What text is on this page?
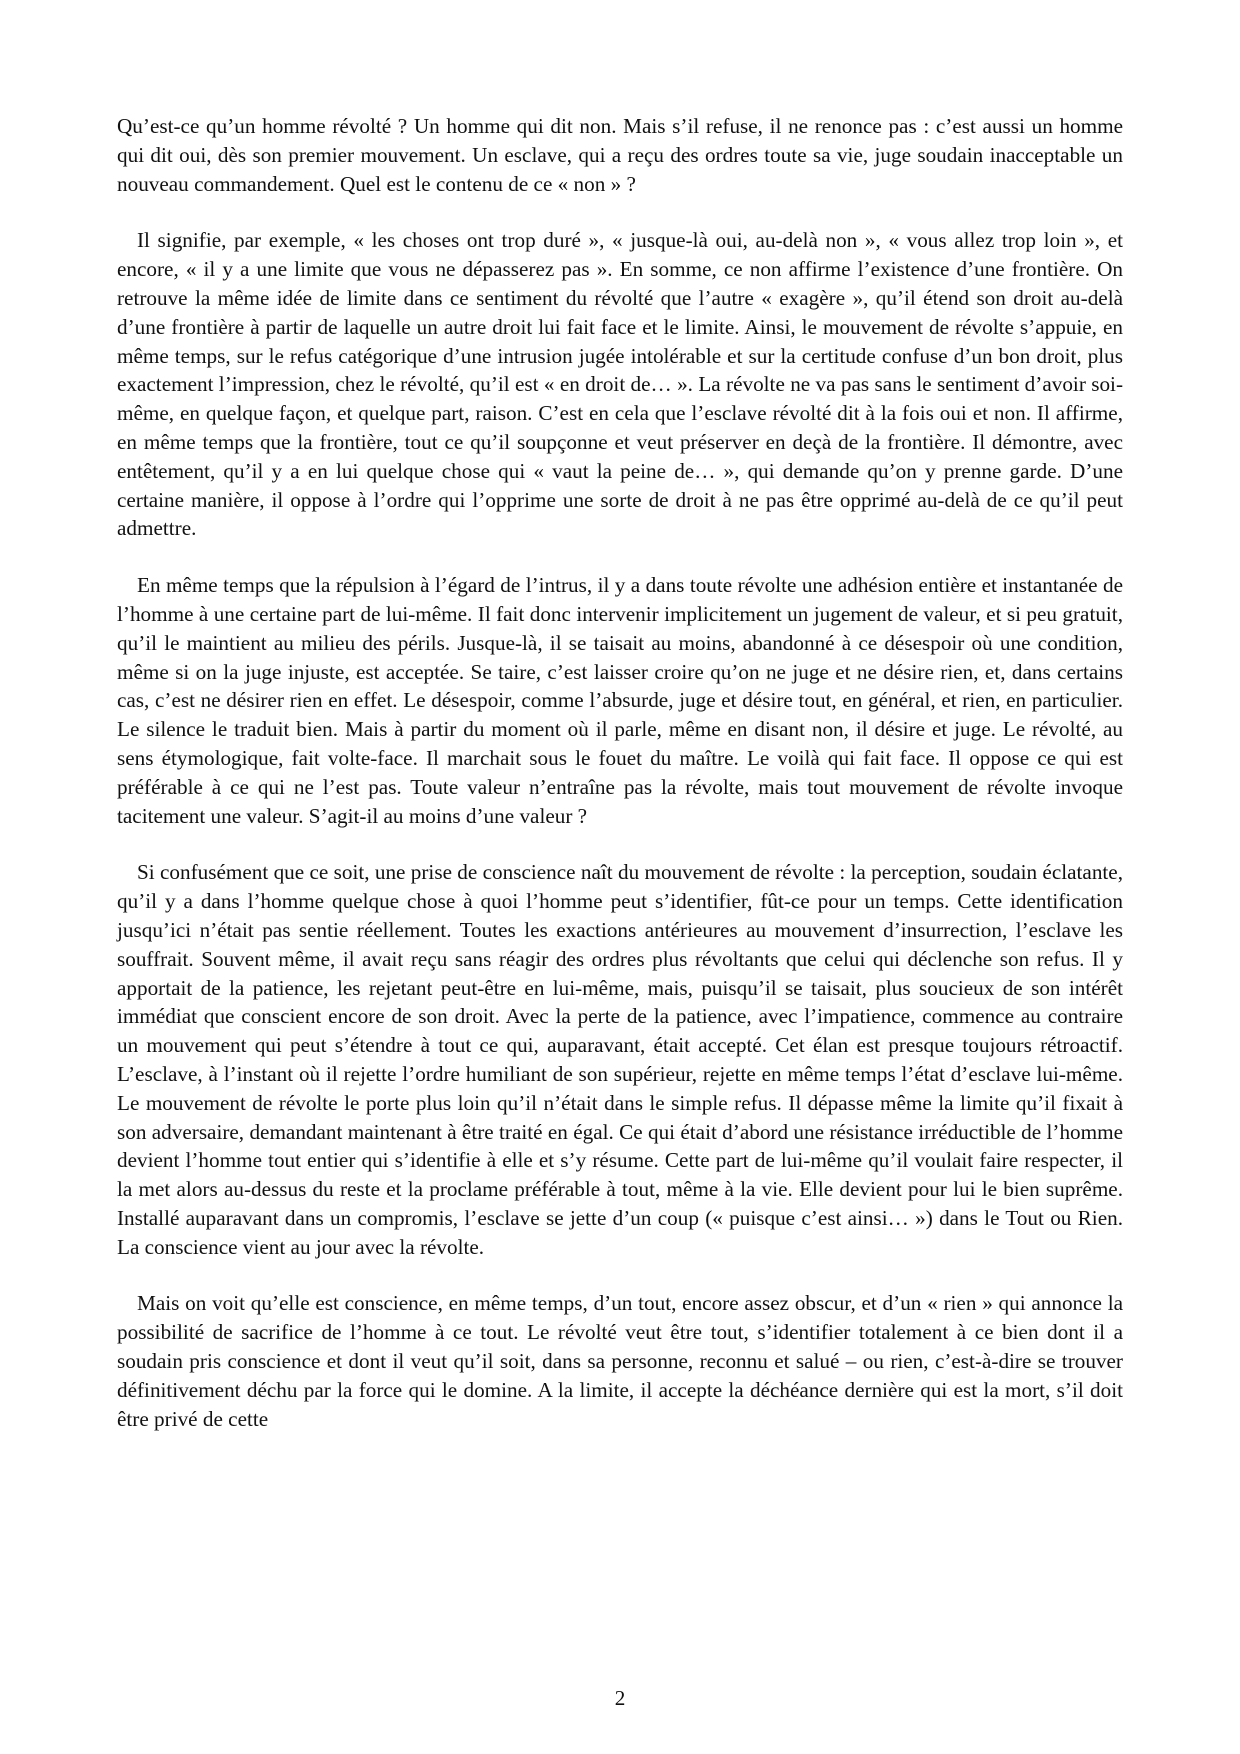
Qu’est-ce qu’un homme révolté ? Un homme qui dit non. Mais s’il refuse, il ne renonce pas : c’est aussi un homme qui dit oui, dès son premier mouvement. Un esclave, qui a reçu des ordres toute sa vie, juge soudain inacceptable un nouveau commandement. Quel est le contenu de ce « non » ?

Il signifie, par exemple, « les choses ont trop duré », « jusque-là oui, au-delà non », « vous allez trop loin », et encore, « il y a une limite que vous ne dépasserez pas ». En somme, ce non affirme l’existence d’une frontière. On retrouve la même idée de limite dans ce sentiment du révolté que l’autre « exagère », qu’il étend son droit au-delà d’une frontière à partir de laquelle un autre droit lui fait face et le limite. Ainsi, le mouvement de révolte s’appuie, en même temps, sur le refus catégorique d’une intrusion jugée intolérable et sur la certitude confuse d’un bon droit, plus exactement l’impression, chez le révolté, qu’il est « en droit de… ». La révolte ne va pas sans le sentiment d’avoir soi-même, en quelque façon, et quelque part, raison. C’est en cela que l’esclave révolté dit à la fois oui et non. Il affirme, en même temps que la frontière, tout ce qu’il soupçonne et veut préserver en deçà de la frontière. Il démontre, avec entêtement, qu’il y a en lui quelque chose qui « vaut la peine de… », qui demande qu’on y prenne garde. D’une certaine manière, il oppose à l’ordre qui l’opprime une sorte de droit à ne pas être opprimé au-delà de ce qu’il peut admettre.

En même temps que la répulsion à l’égard de l’intrus, il y a dans toute révolte une adhésion entière et instantanée de l’homme à une certaine part de lui-même. Il fait donc intervenir implicitement un jugement de valeur, et si peu gratuit, qu’il le maintient au milieu des périls. Jusque-là, il se taisait au moins, abandonné à ce désespoir où une condition, même si on la juge injuste, est acceptée. Se taire, c’est laisser croire qu’on ne juge et ne désire rien, et, dans certains cas, c’est ne désirer rien en effet. Le désespoir, comme l’absurde, juge et désire tout, en général, et rien, en particulier. Le silence le traduit bien. Mais à partir du moment où il parle, même en disant non, il désire et juge. Le révolté, au sens étymologique, fait volte-face. Il marchait sous le fouet du maître. Le voilà qui fait face. Il oppose ce qui est préférable à ce qui ne l’est pas. Toute valeur n’entraîne pas la révolte, mais tout mouvement de révolte invoque tacitement une valeur. S’agit-il au moins d’une valeur ?

Si confusément que ce soit, une prise de conscience naît du mouvement de révolte : la perception, soudain éclatante, qu’il y a dans l’homme quelque chose à quoi l’homme peut s’identifier, fût-ce pour un temps. Cette identification jusqu’ici n’était pas sentie réellement. Toutes les exactions antérieures au mouvement d’insurrection, l’esclave les souffrait. Souvent même, il avait reçu sans réagir des ordres plus révoltants que celui qui déclenche son refus. Il y apportait de la patience, les rejetant peut-être en lui-même, mais, puisqu’il se taisait, plus soucieux de son intérêt immédiat que conscient encore de son droit. Avec la perte de la patience, avec l’impatience, commence au contraire un mouvement qui peut s’étendre à tout ce qui, auparavant, était accepté. Cet élan est presque toujours rétroactif. L’esclave, à l’instant où il rejette l’ordre humiliant de son supérieur, rejette en même temps l’état d’esclave lui-même. Le mouvement de révolte le porte plus loin qu’il n’était dans le simple refus. Il dépasse même la limite qu’il fixait à son adversaire, demandant maintenant à être traité en égal. Ce qui était d’abord une résistance irréductible de l’homme devient l’homme tout entier qui s’identifie à elle et s’y résume. Cette part de lui-même qu’il voulait faire respecter, il la met alors au-dessus du reste et la proclame préférable à tout, même à la vie. Elle devient pour lui le bien suprême. Installé auparavant dans un compromis, l’esclave se jette d’un coup (« puisque c’est ainsi… ») dans le Tout ou Rien. La conscience vient au jour avec la révolte.

Mais on voit qu’elle est conscience, en même temps, d’un tout, encore assez obscur, et d’un « rien » qui annonce la possibilité de sacrifice de l’homme à ce tout. Le révolté veut être tout, s’identifier totalement à ce bien dont il a soudain pris conscience et dont il veut qu’il soit, dans sa personne, reconnu et salué – ou rien, c’est-à-dire se trouver définitivement déchu par la force qui le domine. A la limite, il accepte la déchéance dernière qui est la mort, s’il doit être privé de cette

2
